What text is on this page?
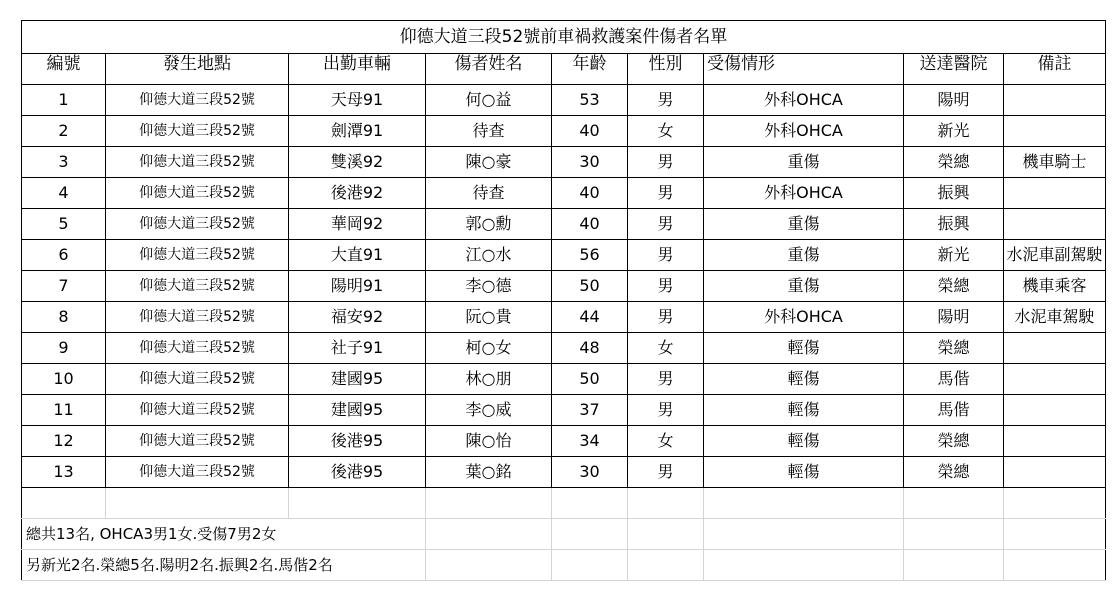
仰德大道三段52號前車禍救護案件傷者名單								
編號	發生地點	出勤車輛	傷者姓名	年齡	性別	受傷情形	送達醫院	備註
1	仰德大道三段52號	天母91	何○益	53	男	外科OHCA	陽明	
2	仰德大道三段52號	劍潭91	待查	40	女	外科OHCA	新光	
3	仰德大道三段52號	雙溪92	陳○豪	30	男	重傷	榮總	機車騎士
4	仰德大道三段52號	後港92	待查	40	男	外科OHCA	振興	
5	仰德大道三段52號	華岡92	郭○勳	40	男	重傷	振興	
6	仰德大道三段52號	大直91	江○水	56	男	重傷	新光	水泥車副駕駛
7	仰德大道三段52號	陽明91	李○德	50	男	重傷	榮總	機車乘客
8	仰德大道三段52號	福安92	阮○貴	44	男	外科OHCA	陽明	水泥車駕駛
9	仰德大道三段52號	社子91	柯○女	48	女	輕傷	榮總	
10	仰德大道三段52號	建國95	林○朋	50	男	輕傷	馬偕	
11	仰德大道三段52號	建國95	李○威	37	男	輕傷	馬偕	
12	仰德大道三段52號	後港95	陳○怡	34	女	輕傷	榮總	
13	仰德大道三段52號	後港95	葉○銘	30	男	輕傷	榮總	

總共13名, OHCA3男1女.受傷7男2女								
另新光2名.榮總5名.陽明2名.振興2名.馬偕2名								
